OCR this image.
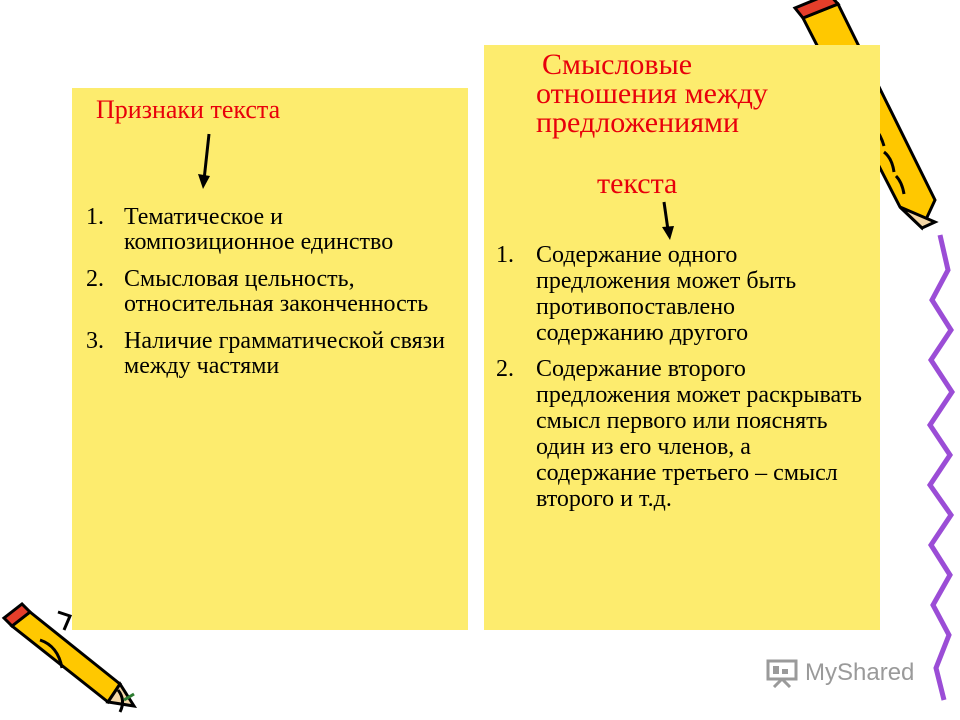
Признаки текста
1. Тематическое и композиционное единство
2. Смысловая цельность, относительная законченность
3. Наличие грамматической связи между частями
Смысловые
отношения между
предложениями
текста
1. Содержание одного предложения может быть противопоставлено содержанию другого
2. Содержание второго предложения может раскрывать смысл первого или пояснять один из его членов, а содержание третьего – смысл второго и т.д.
MyShared
